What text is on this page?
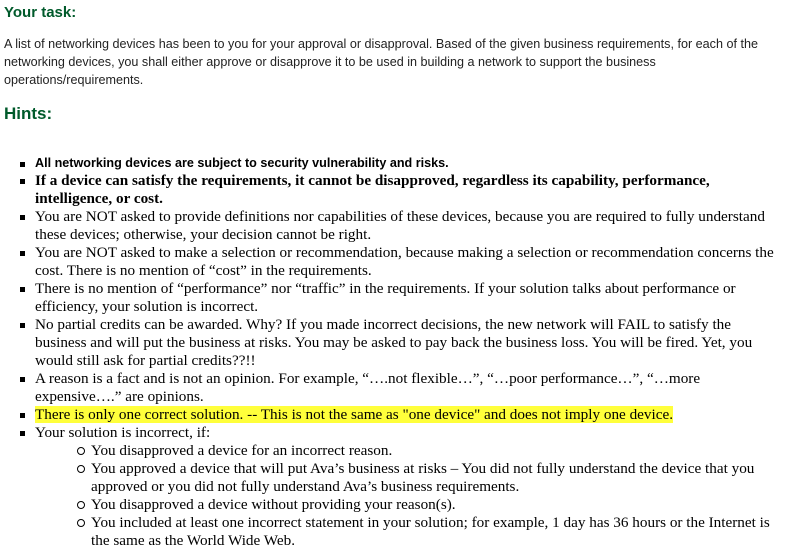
Your task:

A list of networking devices has been to you for your approval or disapproval. Based of the given business requirements, for each of the networking devices, you shall either approve or disapprove it to be used in building a network to support the business operations/requirements.

Hints:
All networking devices are subject to security vulnerability and risks.
If a device can satisfy the requirements, it cannot be disapproved, regardless its capability, performance, intelligence, or cost.
You are NOT asked to provide definitions nor capabilities of these devices, because you are required to fully understand these devices; otherwise, your decision cannot be right.
You are NOT asked to make a selection or recommendation, because making a selection or recommendation concerns the cost. There is no mention of “cost” in the requirements.
There is no mention of “performance” nor “traffic” in the requirements. If your solution talks about performance or efficiency, your solution is incorrect.
No partial credits can be awarded. Why? If you made incorrect decisions, the new network will FAIL to satisfy the business and will put the business at risks. You may be asked to pay back the business loss. You will be fired. Yet, you would still ask for partial credits??!!
A reason is a fact and is not an opinion. For example, “….not flexible…”, “…poor performance…”, “…more expensive….” are opinions.
There is only one correct solution. -- This is not the same as "one device" and does not imply one device.
Your solution is incorrect, if:
You disapproved a device for an incorrect reason.
You approved a device that will put Ava’s business at risks – You did not fully understand the device that you approved or you did not fully understand Ava’s business requirements.
You disapproved a device without providing your reason(s).
You included at least one incorrect statement in your solution; for example, 1 day has 36 hours or the Internet is the same as the World Wide Web.
